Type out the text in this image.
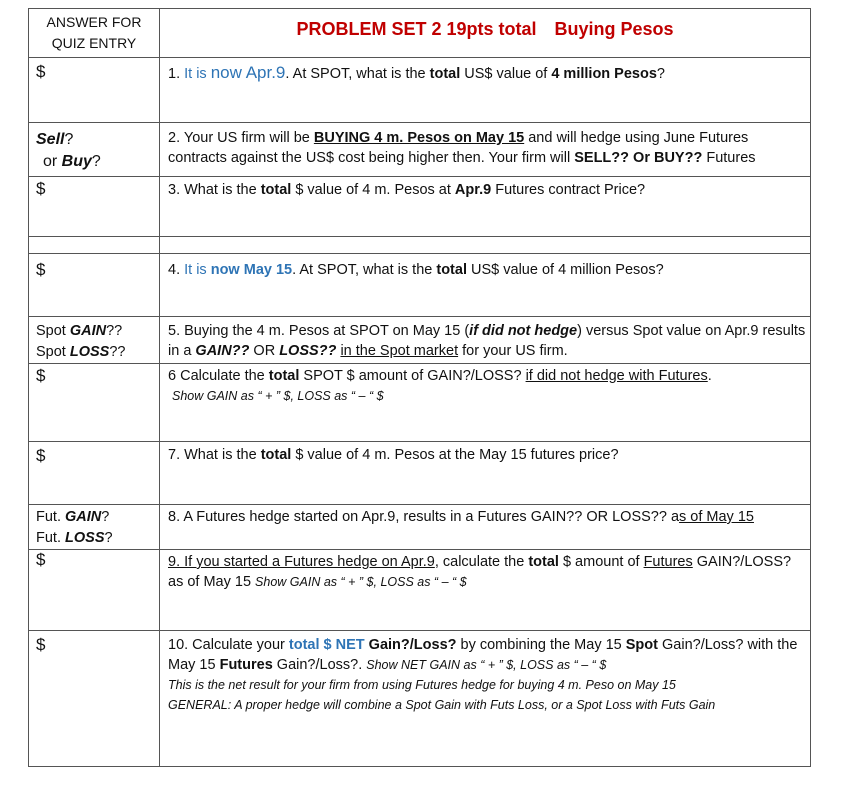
ANSWER FOR
QUIZ ENTRY	PROBLEM SET 2 19pts total Buying Pesos

$	1. It is now Apr.9. At SPOT, what is the total US$ value of 4 million Pesos?

Sell?
or Buy?	2. Your US firm will be BUYING 4 m. Pesos on May 15 and will hedge using June Futures contracts against the US$ cost being higher then. Your firm will SELL?? Or BUY?? Futures

$	3. What is the total $ value of 4 m. Pesos at Apr.9 Futures contract Price?

$	4. It is now May 15. At SPOT, what is the total US$ value of 4 million Pesos?

Spot GAIN??
Spot LOSS??	5. Buying the 4 m. Pesos at SPOT on May 15 (if did not hedge) versus Spot value on Apr.9 results in a GAIN?? OR LOSS?? in the Spot market for your US firm.

$	6 Calculate the total SPOT $ amount of GAIN?/LOSS? if did not hedge with Futures.
Show GAIN as “ + ” $, LOSS as “ – “ $

$	7. What is the total $ value of 4 m. Pesos at the May 15 futures price?

Fut. GAIN?
Fut. LOSS?	8. A Futures hedge started on Apr.9, results in a Futures GAIN?? OR LOSS?? as of May 15

$	9. If you started a Futures hedge on Apr.9, calculate the total $ amount of Futures GAIN?/LOSS? as of May 15 Show GAIN as “ + ” $, LOSS as “ – “ $

$	10. Calculate your total $ NET Gain?/Loss? by combining the May 15 Spot Gain?/Loss? with the May 15 Futures Gain?/Loss?. Show NET GAIN as “ + ” $, LOSS as “ – “ $
This is the net result for your firm from using Futures hedge for buying 4 m. Peso on May 15
GENERAL: A proper hedge will combine a Spot Gain with Futs Loss, or a Spot Loss with Futs Gain
